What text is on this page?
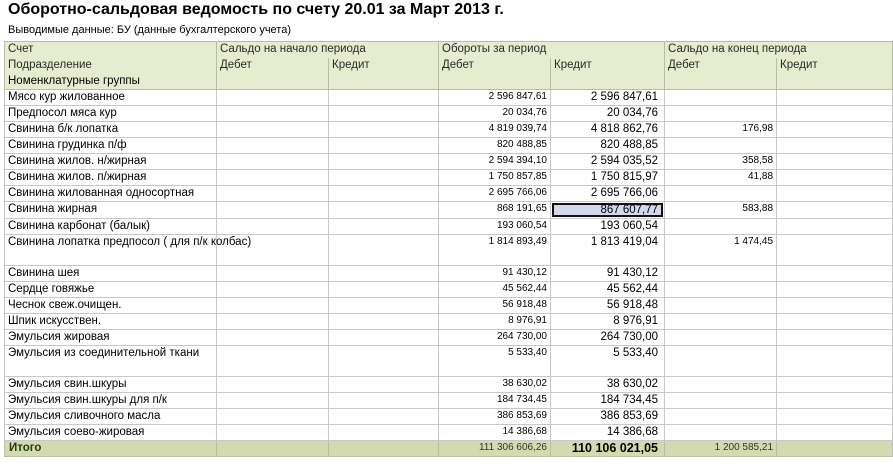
Оборотно-сальдовая ведомость по счету 20.01 за Март 2013 г.
Выводимые данные: БУ (данные бухгалтерского учета)
Счет	Сальдо на начало периода		Обороты за период		Сальдо на конец периода	
Подразделение	Дебет	Кредит	Дебет	Кредит	Дебет	Кредит
Номенклатурные группы						
Мясо кур жилованное			2 596 847,61	2 596 847,61		
Предпосол мяса кур			20 034,76	20 034,76		
Свинина б/к лопатка			4 819 039,74	4 818 862,76	176,98	
Свинина грудинка п/ф			820 488,85	820 488,85		
Свинина жилов. н/жирная			2 594 394,10	2 594 035,52	358,58	
Свинина жилов. п/жирная			1 750 857,85	1 750 815,97	41,88	
Свинина жилованная односортная			2 695 766,06	2 695 766,06		
Свинина жирная			868 191,65	867 607,77	583,88	
Свинина карбонат (балык)			193 060,54	193 060,54		
Свинина лопатка предпосол ( для п/к колбас)			1 814 893,49	1 813 419,04	1 474,45	
Свинина шея			91 430,12	91 430,12		
Сердце говяжье			45 562,44	45 562,44		
Чеснок свеж.очищен.			56 918,48	56 918,48		
Шпик искусствен.			8 976,91	8 976,91		
Эмульсия жировая			264 730,00	264 730,00		
Эмульсия из соединительной ткани			5 533,40	5 533,40		
Эмульсия свин.шкуры			38 630,02	38 630,02		
Эмульсия свин.шкуры для п/к			184 734,45	184 734,45		
Эмульсия сливочного масла			386 853,69	386 853,69		
Эмульсия соево-жировая			14 386,68	14 386,68		
Итого			111 306 606,26	110 106 021,05	1 200 585,21	
